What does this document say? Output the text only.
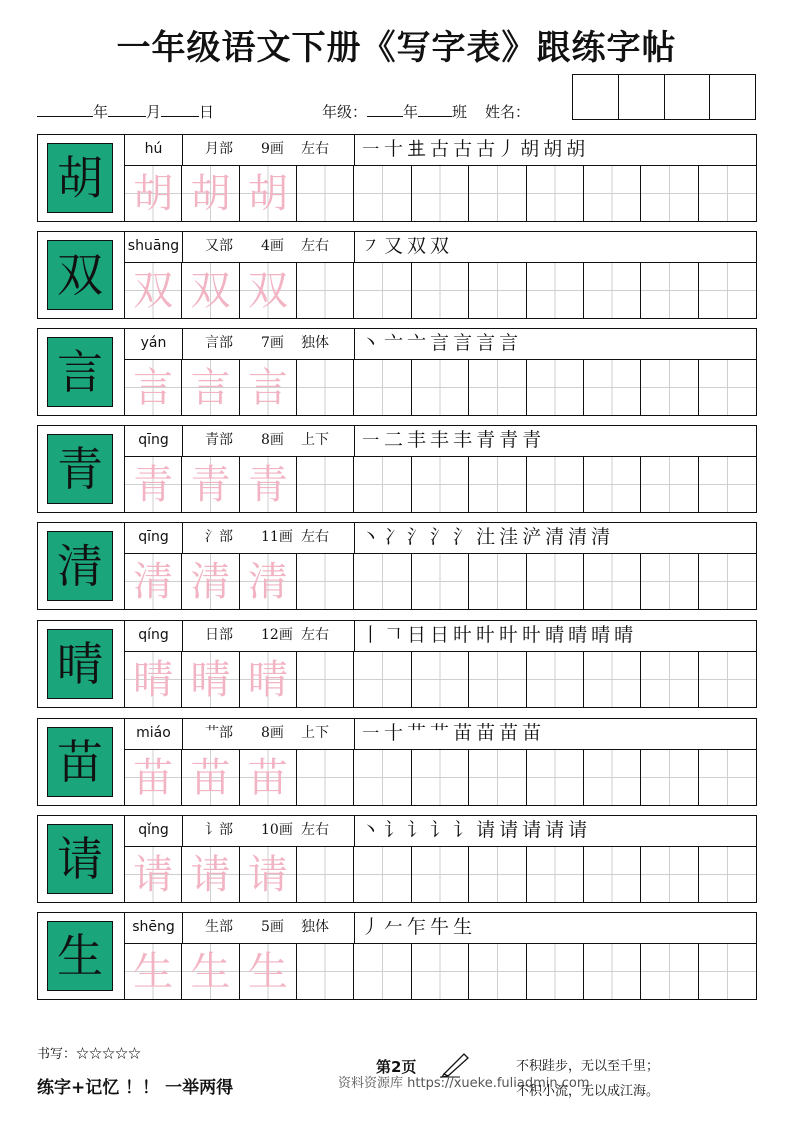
一年级语文下册《写字表》跟练字帖
年	月	日	年级： 年 班 姓名：
胡
hú	月部 9画 左右	㇐ 十 𠀎 古 古 古丿 胡 胡 胡
胡 胡 胡
双
shuāng 又部 4画 左右	㇇ 又 双 双
双 双 双
言
yán	言部 7画 独体	丶 亠 亠 言 言 言 言
言 言 言
青
qīng	青部 8画 上下	㇐ 二 丰 丰 丰 青 青 青
青 青 青
清
qīng	氵部 11画 左右	丶 冫 氵 氵 氵 汢 洼 浐 清 清 清
清 清 清
晴
qíng	日部 12画 左右	丨 𠃍 日 日 旪 旪 旪 旪 晴 晴 晴 晴
晴 晴 晴
苗
miáo	艹部 8画 上下	㇐ 十 艹 艹 苗 苗 苗 苗
苗 苗 苗
请
qǐng	讠部 10画 左右	丶 讠 讠 讠 讠 请 请 请 请 请
请 请 请
生
shēng	生部 5画 独体	丿 𠂉 乍 牛 生
生 生 生
书写：☆☆☆☆☆
练字+记忆 ！！ 一举两得
第2页
资料资源库 https://xueke.fuliadmin.com
不积跬步，无以至千里；
不积小流，无以成江海。
